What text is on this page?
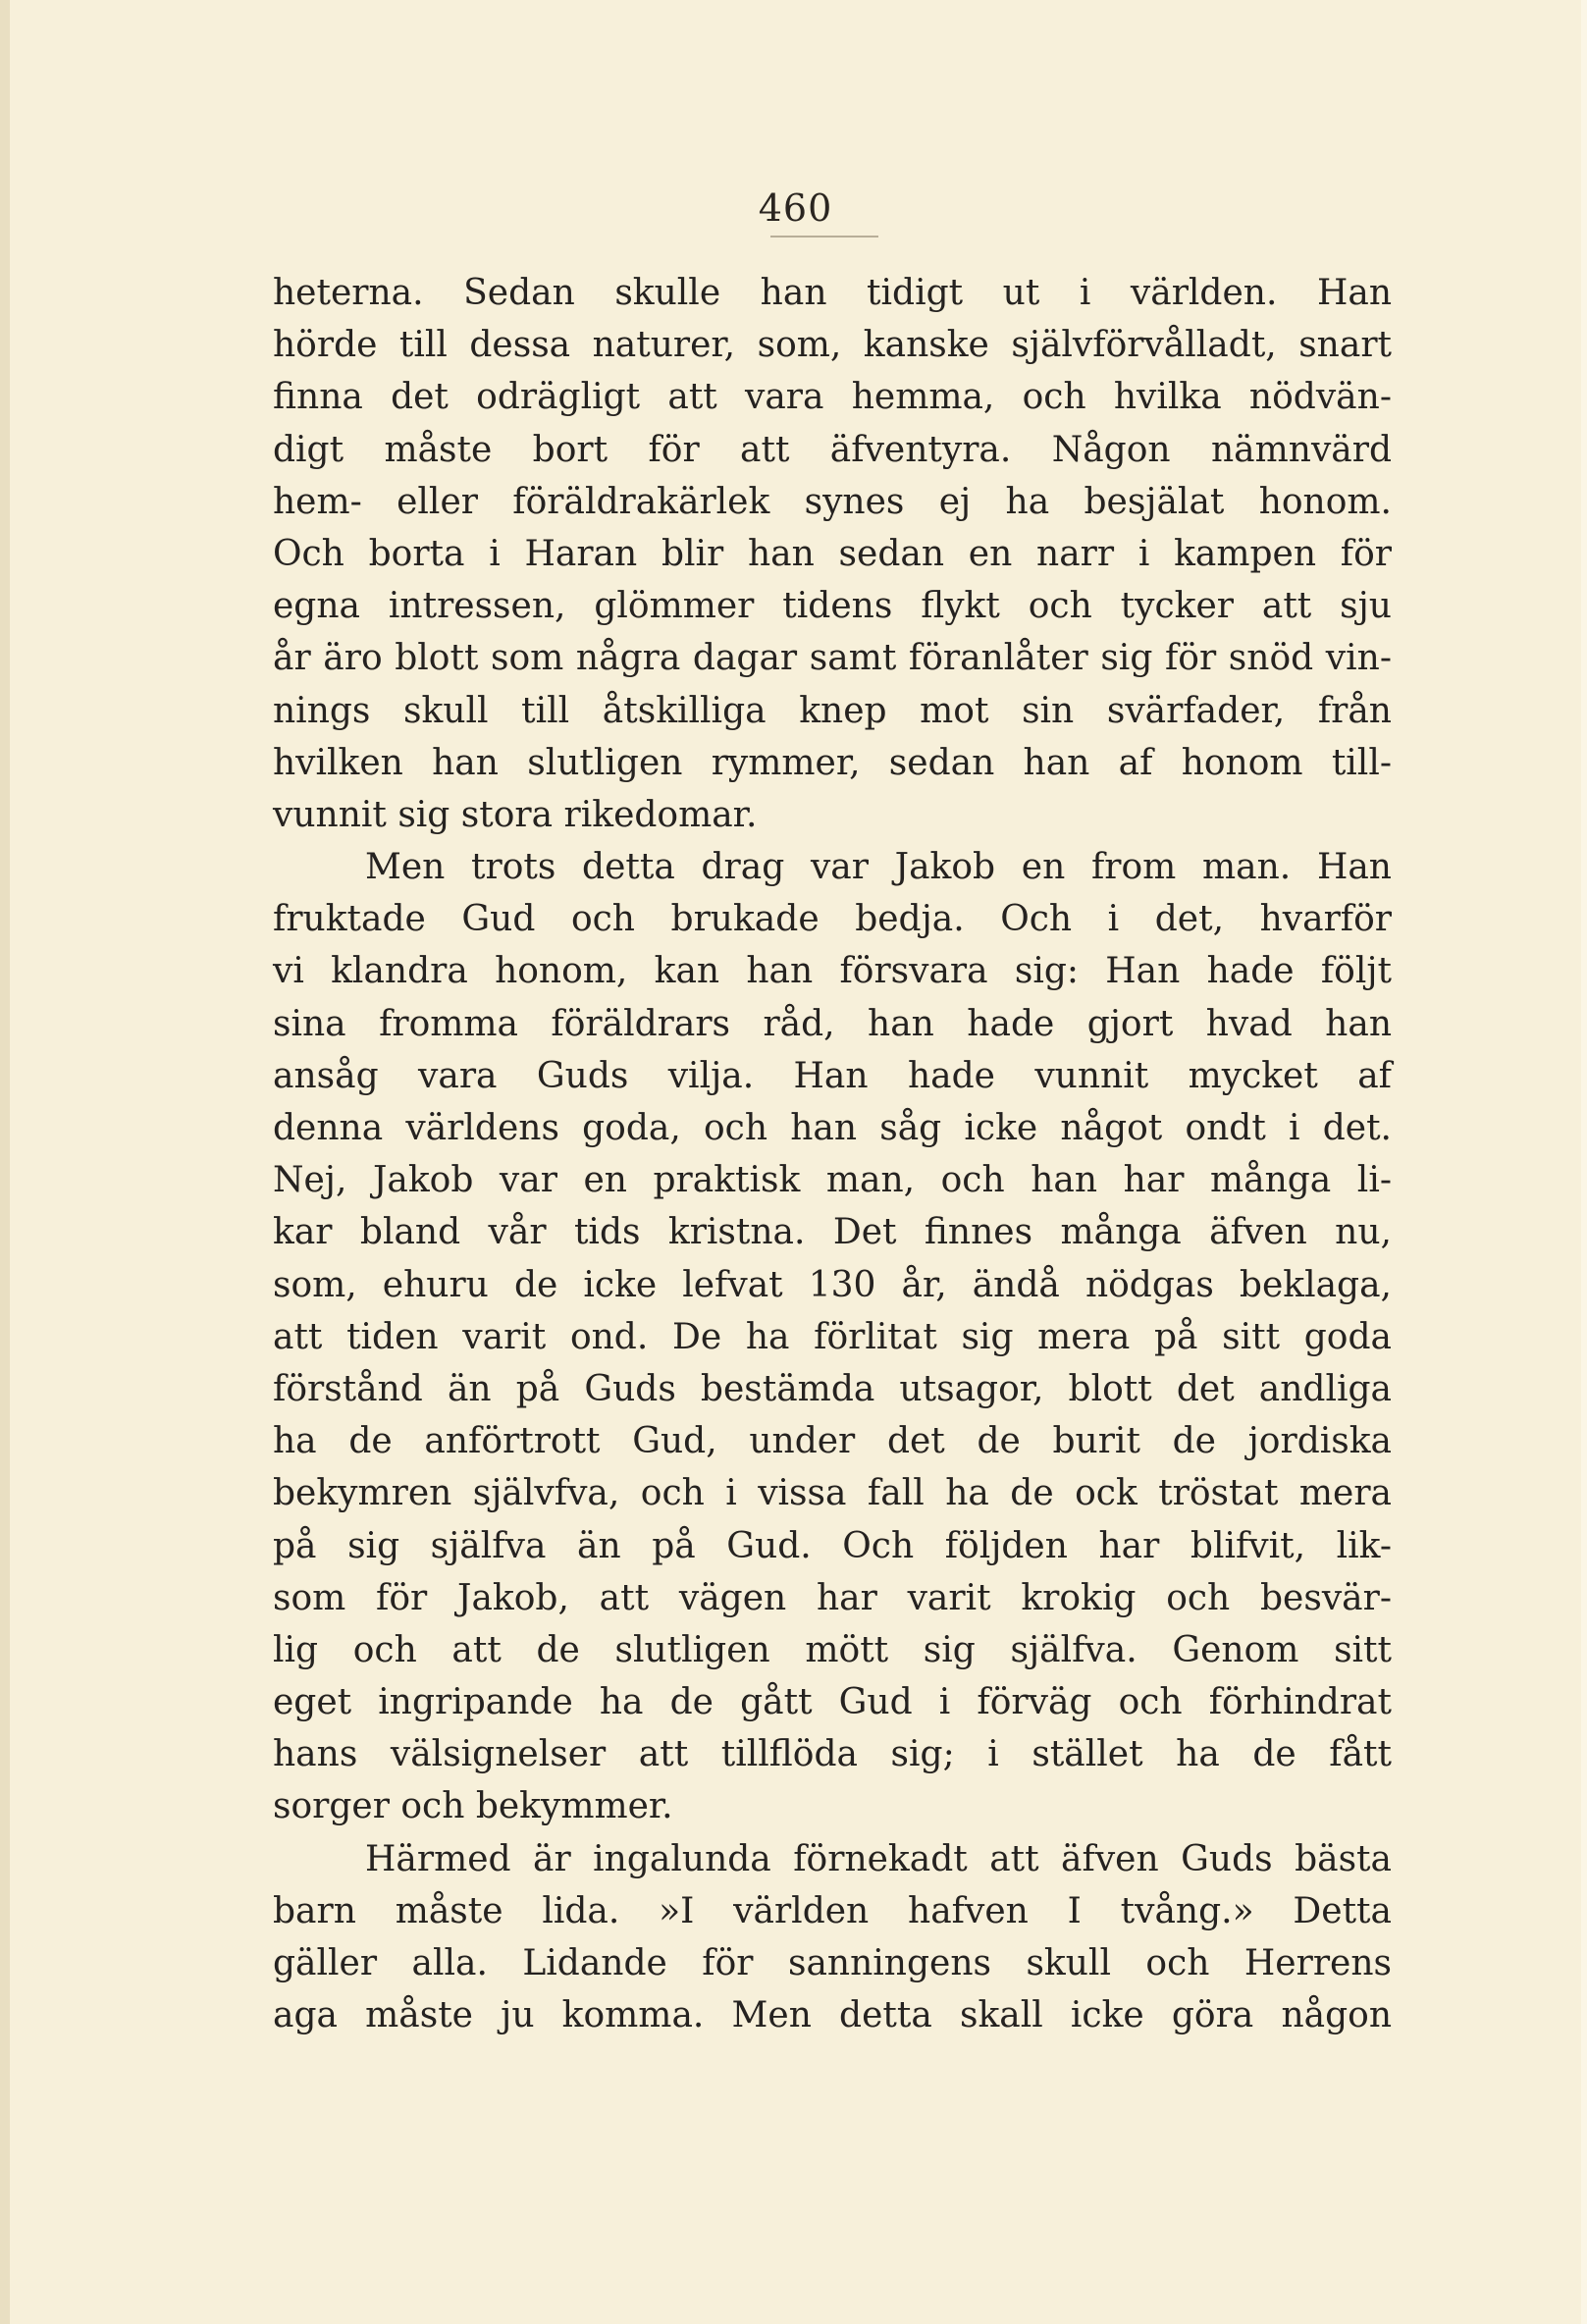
460
heterna. Sedan skulle han tidigt ut i världen. Han
hörde till dessa naturer, som, kanske självförvålladt, snart
finna det odrägligt att vara hemma, och hvilka nödvän-
digt måste bort för att äfventyra. Någon nämnvärd
hem- eller föräldrakärlek synes ej ha besjälat honom.
Och borta i Haran blir han sedan en narr i kampen för
egna intressen, glömmer tidens flykt och tycker att sju
år äro blott som några dagar samt föranlåter sig för snöd vin-
nings skull till åtskilliga knep mot sin svärfader, från
hvilken han slutligen rymmer, sedan han af honom till-
vunnit sig stora rikedomar.
Men trots detta drag var Jakob en from man. Han
fruktade Gud och brukade bedja. Och i det, hvarför
vi klandra honom, kan han försvara sig: Han hade följt
sina fromma föräldrars råd, han hade gjort hvad han
ansåg vara Guds vilja. Han hade vunnit mycket af
denna världens goda, och han såg icke något ondt i det.
Nej, Jakob var en praktisk man, och han har många li-
kar bland vår tids kristna. Det finnes många äfven nu,
som, ehuru de icke lefvat 130 år, ändå nödgas beklaga,
att tiden varit ond. De ha förlitat sig mera på sitt goda
förstånd än på Guds bestämda utsagor, blott det andliga
ha de anförtrott Gud, under det de burit de jordiska
bekymren självfva, och i vissa fall ha de ock tröstat mera
på sig själfva än på Gud. Och följden har blifvit, lik-
som för Jakob, att vägen har varit krokig och besvär-
lig och att de slutligen mött sig själfva. Genom sitt
eget ingripande ha de gått Gud i förväg och förhindrat
hans välsignelser att tillflöda sig; i stället ha de fått
sorger och bekymmer.
Härmed är ingalunda förnekadt att äfven Guds bästa
barn måste lida. »I världen hafven I tvång.» Detta
gäller alla. Lidande för sanningens skull och Herrens
aga måste ju komma. Men detta skall icke göra någon
